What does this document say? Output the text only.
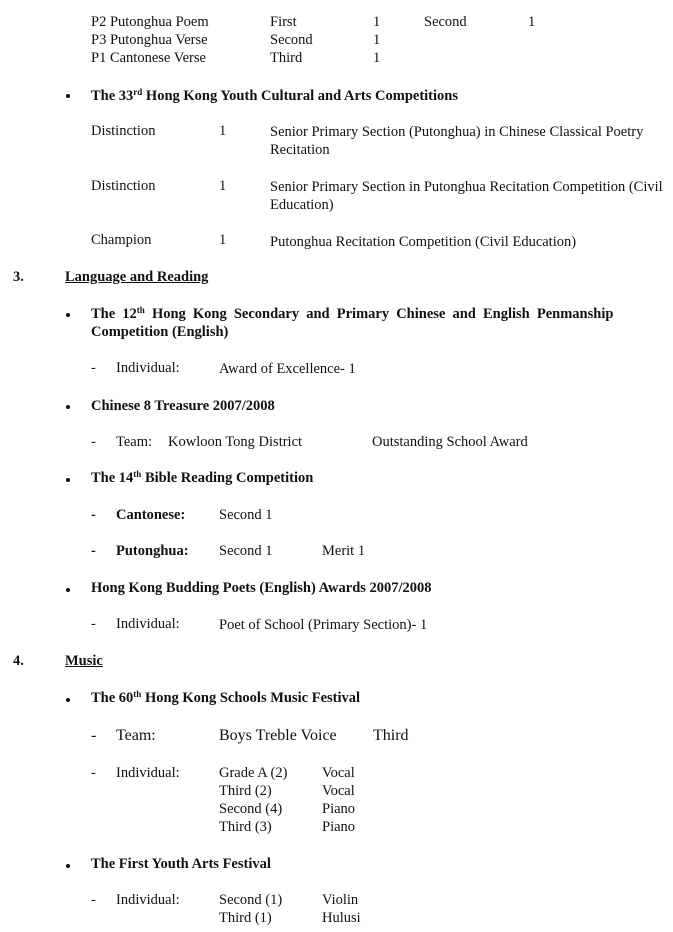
P2 Putonghua Poem	First	1	Second	1
P3 Putonghua Verse	Second	1
P1 Cantonese Verse	Third	1
The 33rd Hong Kong Youth Cultural and Arts Competitions
Distinction	1	Senior Primary Section (Putonghua) in Chinese Classical Poetry Recitation
Distinction	1	Senior Primary Section in Putonghua Recitation Competition (Civil Education)
Champion	1	Putonghua Recitation Competition (Civil Education)
3.	Language and Reading
The 12th Hong Kong Secondary and Primary Chinese and English Penmanship
Competition (English)
- Individual:	Award of Excellence- 1
Chinese 8 Treasure 2007/2008
- Team: Kowloon Tong District	Outstanding School Award
The 14th Bible Reading Competition
- Cantonese: Second 1
- Putonghua: Second 1	Merit 1
Hong Kong Budding Poets (English) Awards 2007/2008
- Individual:	Poet of School (Primary Section)- 1
4.	Music
The 60th Hong Kong Schools Music Festival
- Team:	Boys Treble Voice Third
- Individual:	Grade A (2) Vocal
Third (2)	Vocal
Second (4)	Piano
Third (3)	Piano
The First Youth Arts Festival
- Individual:	Second (1)	Violin
Third (1)	Hulusi
